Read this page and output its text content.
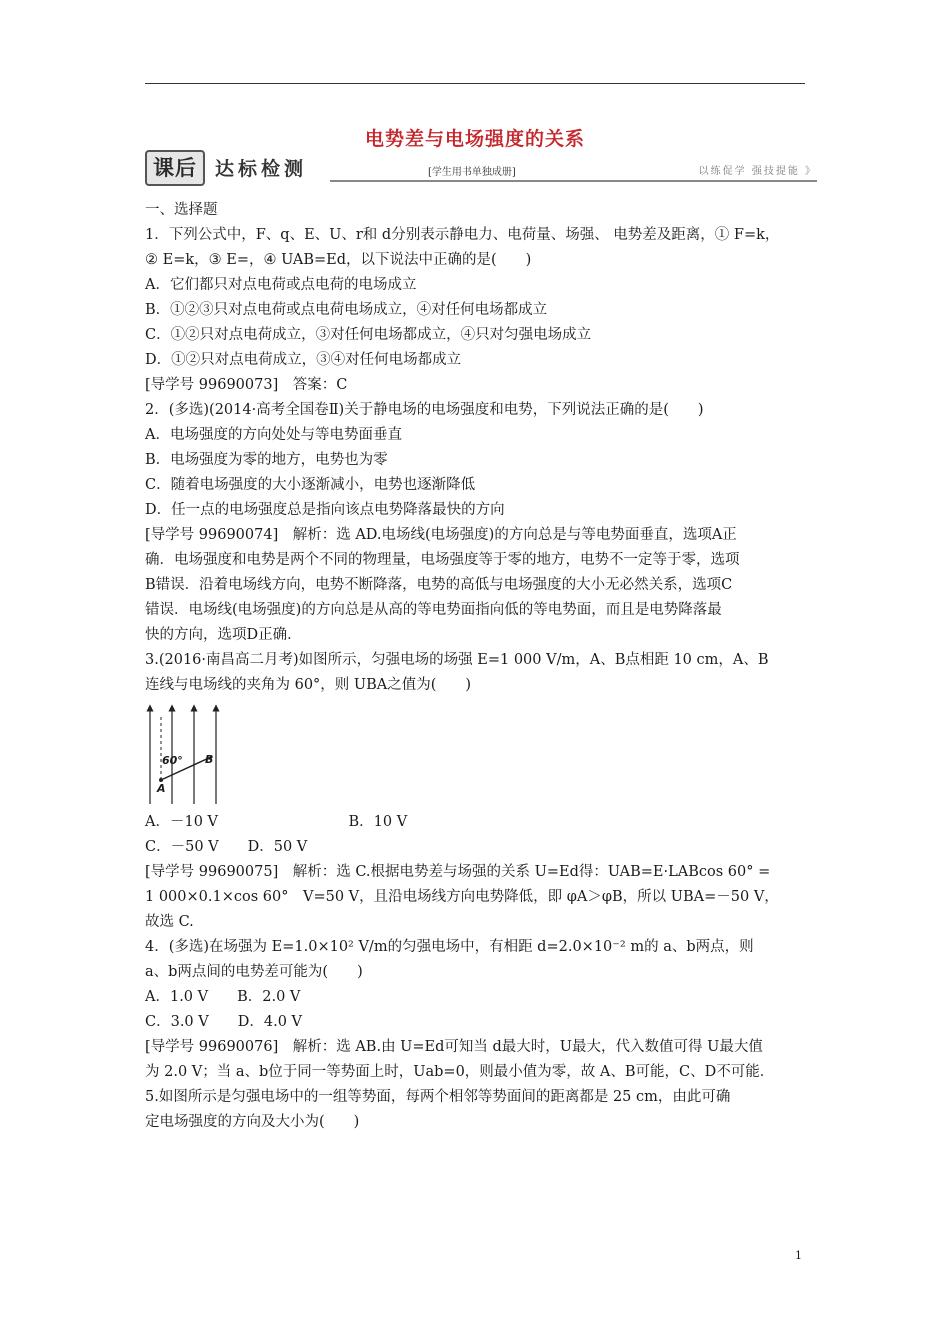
电势差与电场强度的关系
课后 达标检测	[学生用书单独成册]	以练促学 强技提能 》
一、选择题
1．下列公式中，F、q、E、U、r和 d分别表示静电力、电荷量、场强、 电势差及距离，① F=k，
② E=k，③ E=，④ UAB=Ed，以下说法中正确的是(　　)
A．它们都只对点电荷或点电荷的电场成立
B．①②③只对点电荷或点电荷电场成立，④对任何电场都成立
C．①②只对点电荷成立，③对任何电场都成立，④只对匀强电场成立
D．①②只对点电荷成立，③④对任何电场都成立
[导学号 99690073]　答案：C
2．(多选)(2014·高考全国卷Ⅱ)关于静电场的电场强度和电势，下列说法正确的是(　　)
A．电场强度的方向处处与等电势面垂直
B．电场强度为零的地方，电势也为零
C．随着电场强度的大小逐渐减小，电势也逐渐降低
D．任一点的电场强度总是指向该点电势降落最快的方向
[导学号 99690074]　解析：选 AD.电场线(电场强度)的方向总是与等电势面垂直，选项A正
确．电场强度和电势是两个不同的物理量，电场强度等于零的地方，电势不一定等于零，选项
B错误．沿着电场线方向，电势不断降落，电势的高低与电场强度的大小无必然关系，选项C
错误．电场线(电场强度)的方向总是从高的等电势面指向低的等电势面，而且是电势降落最
快的方向，选项D正确．
3.(2016·南昌高二月考)如图所示，匀强电场的场强 E=1 000 V/m，A、B点相距 10 cm，A、B
连线与电场线的夹角为 60°，则 UBA之值为(　　)
60°
A
B
A．－10 V　　　　　　　　　B．10 V
C．－50 V　　D．50 V
[导学号 99690075]　解析：选 C.根据电势差与场强的关系 U=Ed得：UAB=E·LABcos 60° =
1 000×0.1×cos 60°　V=50 V，且沿电场线方向电势降低，即 φA＞φB，所以 UBA=－50 V，
故选 C.
4．(多选)在场强为 E=1.0×10² V/m的匀强电场中，有相距 d=2.0×10⁻² m的 a、b两点，则
a、b两点间的电势差可能为(　　)
A．1.0 V　　B．2.0 V
C．3.0 V　　D．4.0 V
[导学号 99690076]　解析：选 AB.由 U=Ed可知当 d最大时，U最大，代入数值可得 U最大值
为 2.0 V；当 a、b位于同一等势面上时，Uab=0，则最小值为零，故 A、B可能，C、D不可能．
5.如图所示是匀强电场中的一组等势面，每两个相邻等势面间的距离都是 25 cm，由此可确
定电场强度的方向及大小为(　　)
1
